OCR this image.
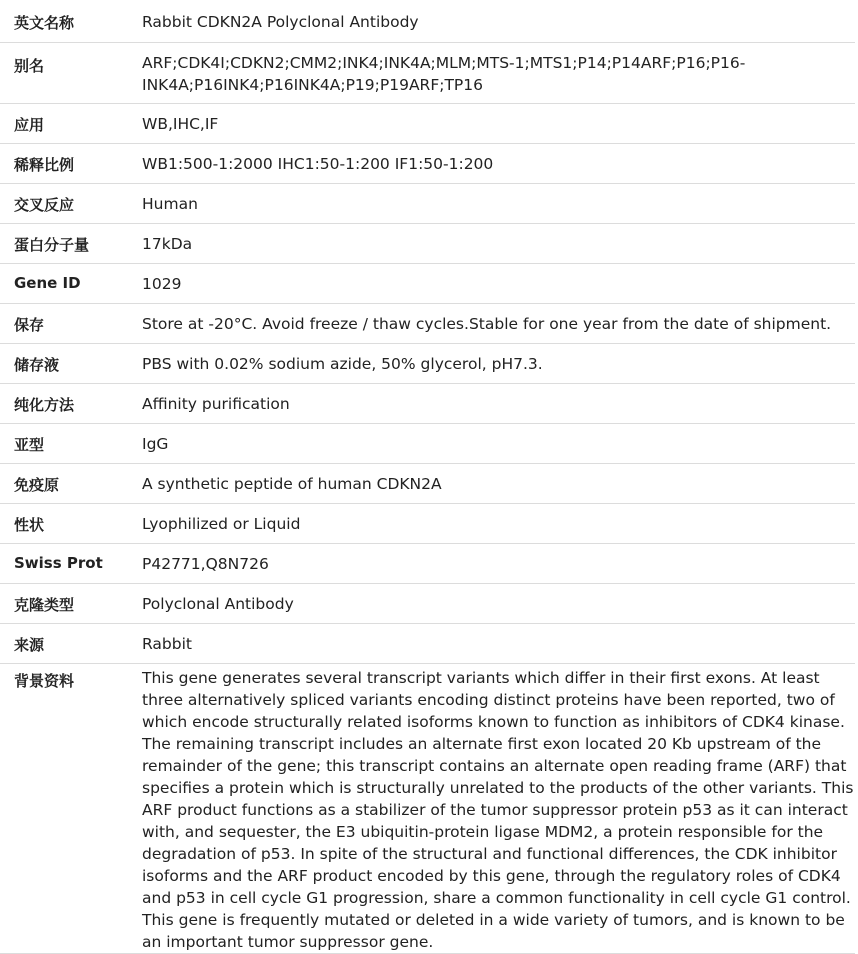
英文名称	Rabbit CDKN2A Polyclonal Antibody

别名	ARF;CDK4I;CDKN2;CMM2;INK4;INK4A;MLM;MTS-1;MTS1;P14;P14ARF;P16;P16-INK4A;P16INK4;P16INK4A;P19;P19ARF;TP16

应用	WB,IHC,IF

稀释比例	WB1:500-1:2000 IHC1:50-1:200 IF1:50-1:200

交叉反应	Human

蛋白分子量	17kDa

Gene ID	1029

保存	Store at -20°C. Avoid freeze / thaw cycles.Stable for one year from the date of shipment.

储存液	PBS with 0.02% sodium azide, 50% glycerol, pH7.3.

纯化方法	Affinity purification

亚型	IgG

免疫原	A synthetic peptide of human CDKN2A

性状	Lyophilized or Liquid

Swiss Prot	P42771,Q8N726

克隆类型	Polyclonal Antibody

来源	Rabbit

背景资料	This gene generates several transcript variants which differ in their first exons. At least three alternatively spliced variants encoding distinct proteins have been reported, two of which encode structurally related isoforms known to function as inhibitors of CDK4 kinase. The remaining transcript includes an alternate first exon located 20 Kb upstream of the remainder of the gene; this transcript contains an alternate open reading frame (ARF) that specifies a protein which is structurally unrelated to the products of the other variants. This ARF product functions as a stabilizer of the tumor suppressor protein p53 as it can interact with, and sequester, the E3 ubiquitin-protein ligase MDM2, a protein responsible for the degradation of p53. In spite of the structural and functional differences, the CDK inhibitor isoforms and the ARF product encoded by this gene, through the regulatory roles of CDK4 and p53 in cell cycle G1 progression, share a common functionality in cell cycle G1 control. This gene is frequently mutated or deleted in a wide variety of tumors, and is known to be an important tumor suppressor gene.
